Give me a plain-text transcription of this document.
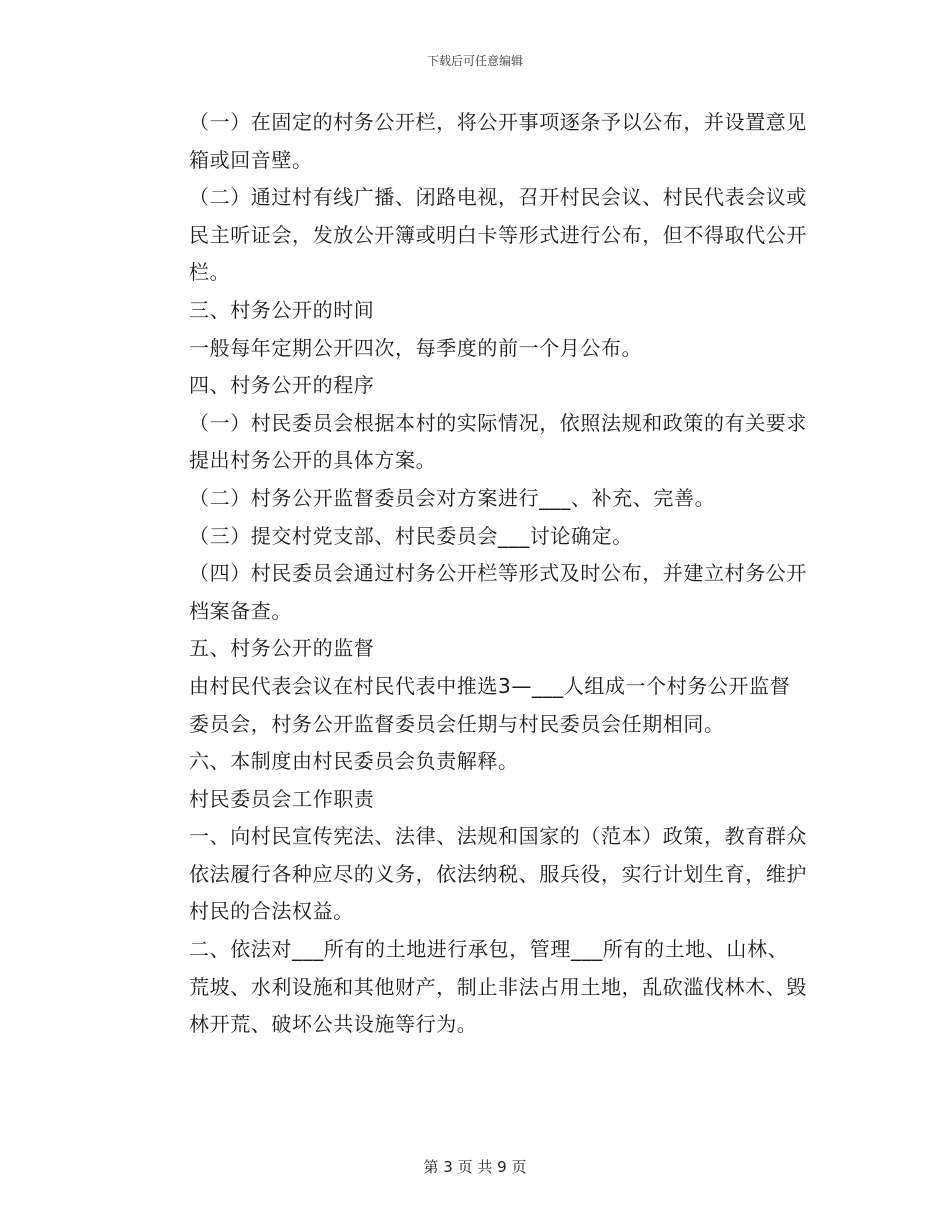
下载后可任意编辑

（一）在固定的村务公开栏，将公开事项逐条予以公布，并设置意见箱或回音壁。

（二）通过村有线广播、闭路电视，召开村民会议、村民代表会议或民主听证会，发放公开簿或明白卡等形式进行公布，但不得取代公开栏。

三、村务公开的时间

一般每年定期公开四次，每季度的前一个月公布。

四、村务公开的程序

（一）村民委员会根据本村的实际情况，依照法规和政策的有关要求提出村务公开的具体方案。

（二）村务公开监督委员会对方案进行___、补充、完善。

（三）提交村党支部、村民委员会___讨论确定。

（四）村民委员会通过村务公开栏等形式及时公布，并建立村务公开档案备查。

五、村务公开的监督

由村民代表会议在村民代表中推选3—___人组成一个村务公开监督委员会，村务公开监督委员会任期与村民委员会任期相同。

六、本制度由村民委员会负责解释。

村民委员会工作职责

一、向村民宣传宪法、法律、法规和国家的（范本）政策，教育群众依法履行各种应尽的义务，依法纳税、服兵役，实行计划生育，维护村民的合法权益。

二、依法对___所有的土地进行承包，管理___所有的土地、山林、荒坡、水利设施和其他财产，制止非法占用土地，乱砍滥伐林木、毁林开荒、破坏公共设施等行为。

第 3 页 共 9 页
